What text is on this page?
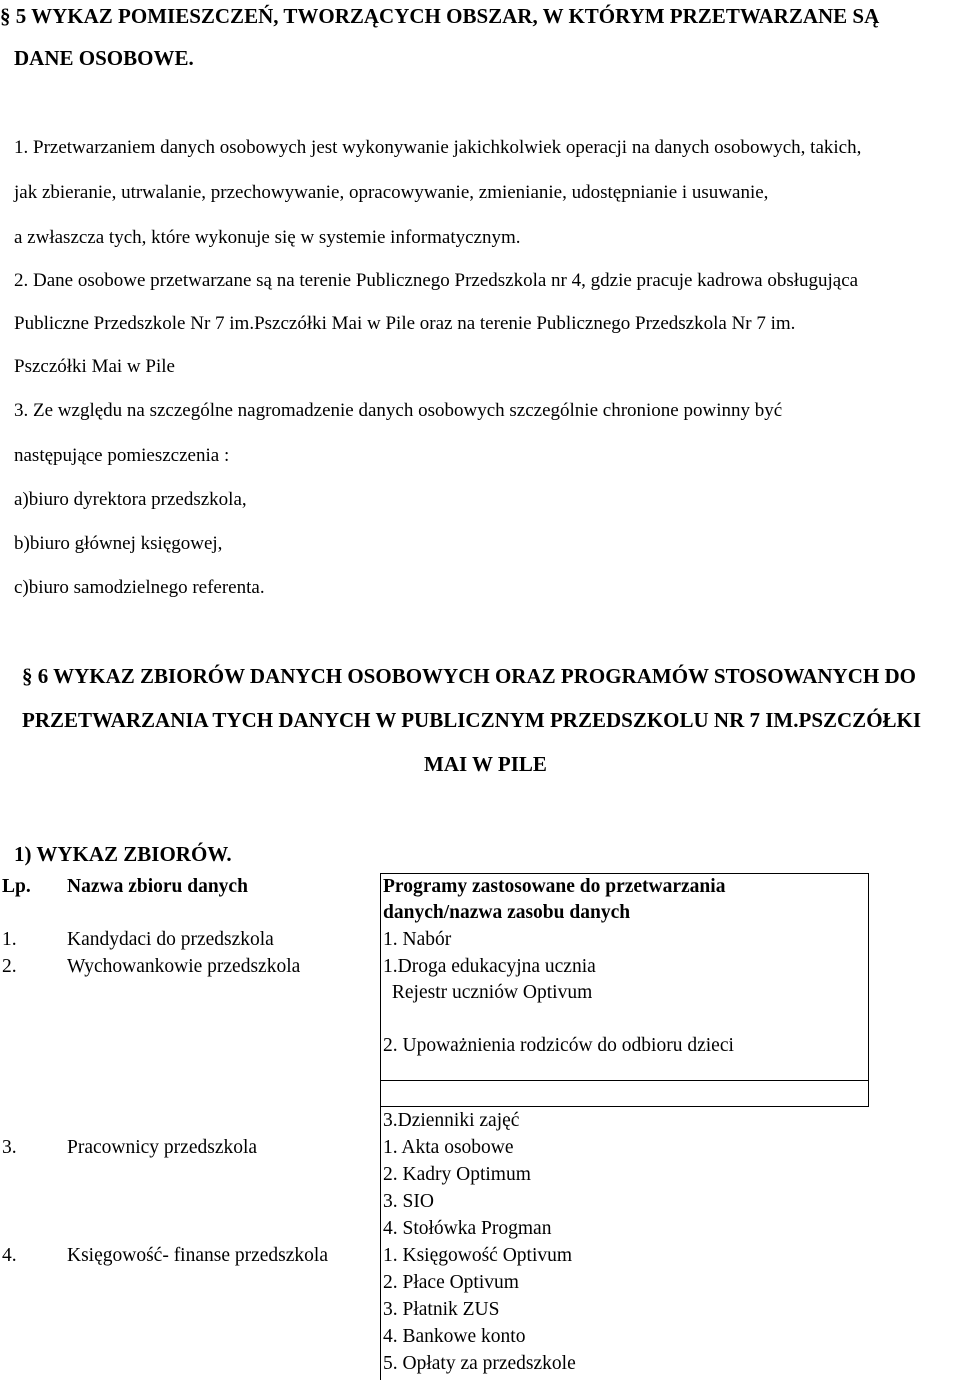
§ 5 WYKAZ POMIESZCZEŃ, TWORZĄCYCH OBSZAR, W KTÓRYM PRZETWARZANE SĄ
DANE OSOBOWE.
1. Przetwarzaniem danych osobowych jest wykonywanie jakichkolwiek operacji na danych osobowych, takich,
jak zbieranie, utrwalanie, przechowywanie, opracowywanie, zmienianie, udostępnianie i usuwanie,
a zwłaszcza tych, które wykonuje się w systemie informatycznym.
2. Dane osobowe przetwarzane są na terenie Publicznego Przedszkola nr 4, gdzie pracuje kadrowa obsługująca
Publiczne Przedszkole Nr 7 im.Pszczółki Mai w Pile oraz na terenie Publicznego Przedszkola Nr 7 im.
Pszczółki Mai w Pile
3. Ze względu na szczególne nagromadzenie danych osobowych szczególnie chronione powinny być
następujące pomieszczenia :
a)biuro dyrektora przedszkola,
b)biuro głównej księgowej,
c)biuro samodzielnego referenta.
§ 6 WYKAZ ZBIORÓW DANYCH OSOBOWYCH ORAZ PROGRAMÓW STOSOWANYCH DO
PRZETWARZANIA TYCH DANYCH W PUBLICZNYM PRZEDSZKOLU NR 7 IM.PSZCZÓŁKI
MAI W PILE
1) WYKAZ ZBIORÓW.
Lp. Nazwa zbioru danych	Programy zastosowane do przetwarzania
danych/nazwa zasobu danych
1.	Kandydaci do przedszkola	1. Nabór
2.	Wychowankowie przedszkola	1.Droga edukacyjna ucznia
Rejestr uczniów Optivum
2. Upoważnienia rodziców do odbioru dzieci
3.Dzienniki zajęć
3.	Pracownicy przedszkola	1. Akta osobowe
2. Kadry Optimum
3. SIO
4. Stołówka Progman
4.	Księgowość- finanse przedszkola	1. Księgowość Optivum
2. Płace Optivum
3. Płatnik ZUS
4. Bankowe konto
5. Opłaty za przedszkole
